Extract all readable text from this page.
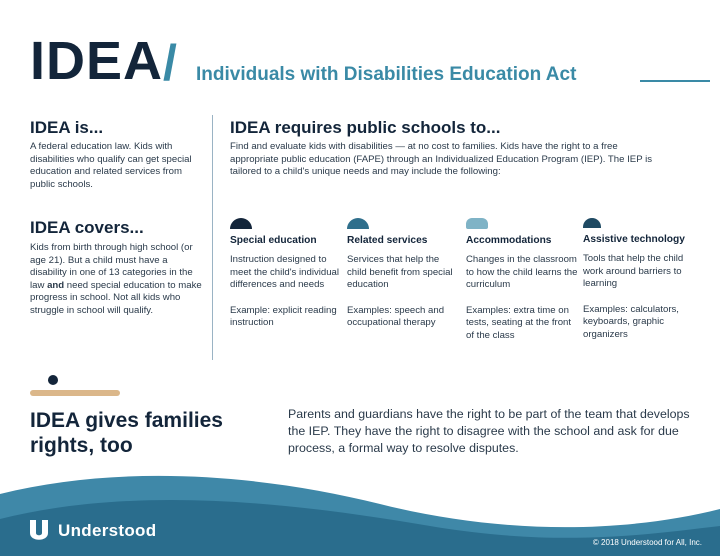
IDEA / Individuals with Disabilities Education Act
IDEA is...
A federal education law. Kids with disabilities who qualify can get special education and related services from public schools.
IDEA covers...
Kids from birth through high school (or age 21). But a child must have a disability in one of 13 categories in the law and need special education to make progress in school. Not all kids who struggle in school will qualify.
IDEA requires public schools to...
Find and evaluate kids with disabilities — at no cost to families. Kids have the right to a free appropriate public education (FAPE) through an Individualized Education Program (IEP). The IEP is tailored to a child's unique needs and may include the following:
Special education
Instruction designed to meet the child's individual differences and needs
Example: explicit reading instruction
Related services
Services that help the child benefit from special education
Examples: speech and occupational therapy
Accommodations
Changes in the classroom to how the child learns the curriculum
Examples: extra time on tests, seating at the front of the class
Assistive technology
Tools that help the child work around barriers to learning
Examples: calculators, keyboards, graphic organizers
IDEA gives families rights, too
Parents and guardians have the right to be part of the team that develops the IEP. They have the right to disagree with the school and ask for due process, a formal way to resolve disputes.
Understood
© 2018 Understood for All, Inc.
